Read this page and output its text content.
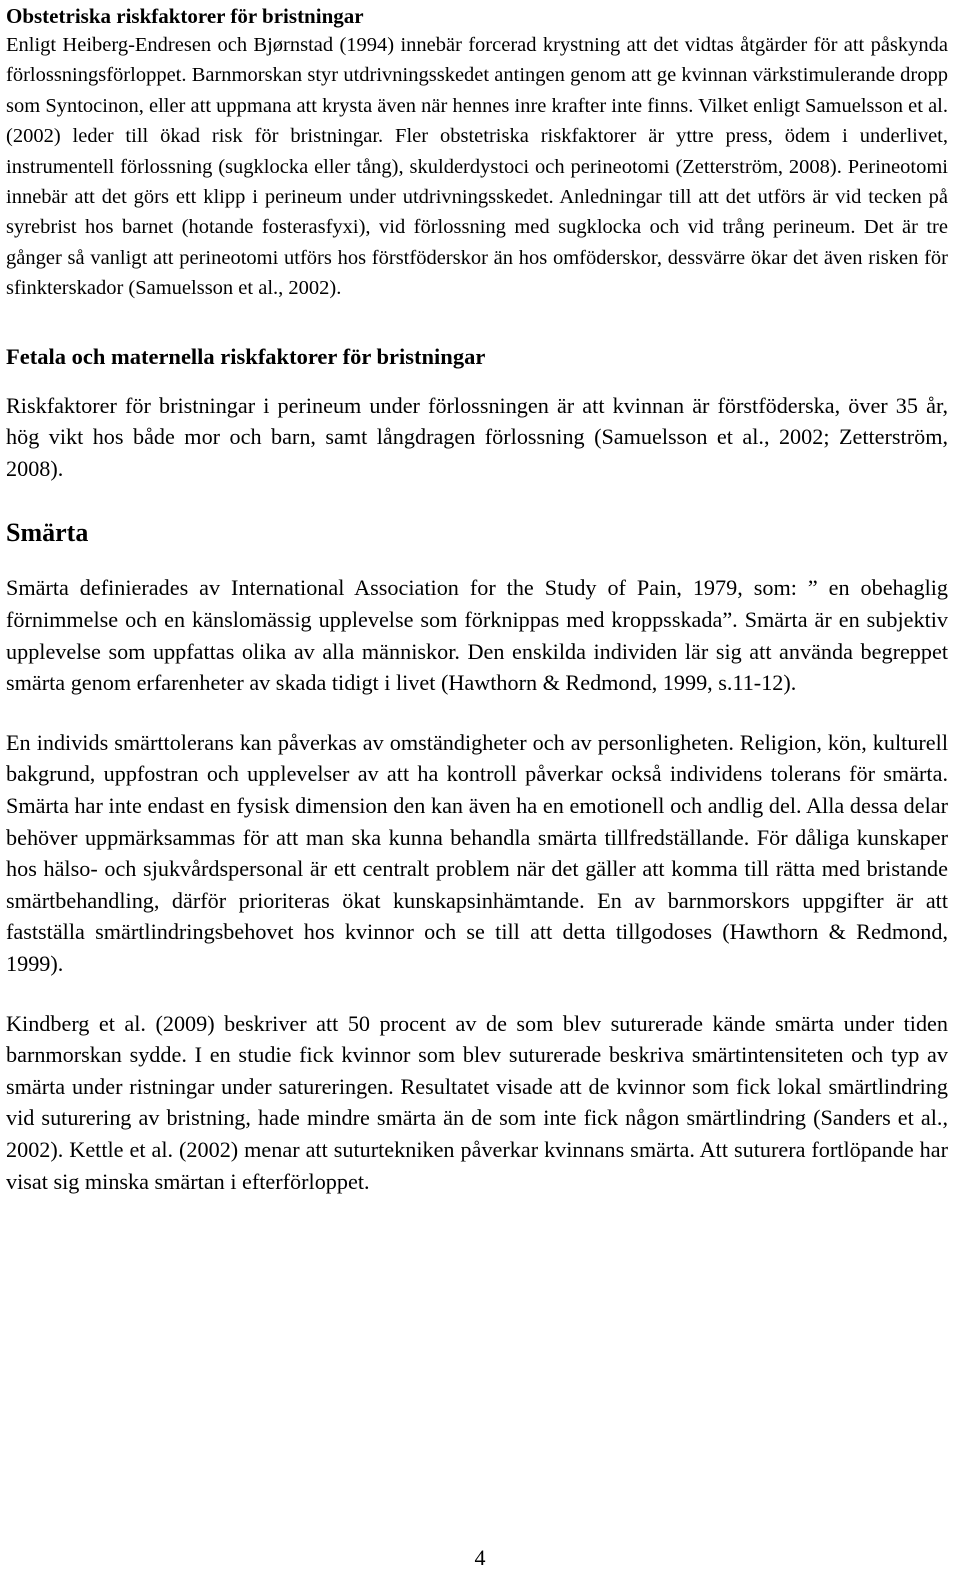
Obstetriska riskfaktorer för bristningar

Enligt Heiberg-Endresen och Bjørnstad (1994) innebär forcerad krystning att det vidtas åtgärder för att påskynda förlossningsförloppet. Barnmorskan styr utdrivningsskedet antingen genom att ge kvinnan värkstimulerande dropp som Syntocinon, eller att uppmana att krysta även när hennes inre krafter inte finns. Vilket enligt Samuelsson et al. (2002) leder till ökad risk för bristningar. Fler obstetriska riskfaktorer är yttre press, ödem i underlivet, instrumentell förlossning (sugklocka eller tång), skulderdystoci och perineotomi (Zetterström, 2008). Perineotomi innebär att det görs ett klipp i perineum under utdrivningsskedet. Anledningar till att det utförs är vid tecken på syrebrist hos barnet (hotande fosterasfyxi), vid förlossning med sugklocka och vid trång perineum. Det är tre gånger så vanligt att perineotomi utförs hos förstföderskor än hos omföderskor, dessvärre ökar det även risken för sfinkterskador (Samuelsson et al., 2002).

Fetala och maternella riskfaktorer för bristningar

Riskfaktorer för bristningar i perineum under förlossningen är att kvinnan är förstföderska, över 35 år, hög vikt hos både mor och barn, samt långdragen förlossning (Samuelsson et al., 2002; Zetterström, 2008).

Smärta

Smärta definierades av International Association for the Study of Pain, 1979, som: ” en obehaglig förnimmelse och en känslomässig upplevelse som förknippas med kroppsskada”. Smärta är en subjektiv upplevelse som uppfattas olika av alla människor. Den enskilda individen lär sig att använda begreppet smärta genom erfarenheter av skada tidigt i livet (Hawthorn & Redmond, 1999, s.11-12).

En individs smärttolerans kan påverkas av omständigheter och av personligheten. Religion, kön, kulturell bakgrund, uppfostran och upplevelser av att ha kontroll påverkar också individens tolerans för smärta. Smärta har inte endast en fysisk dimension den kan även ha en emotionell och andlig del. Alla dessa delar behöver uppmärksammas för att man ska kunna behandla smärta tillfredställande. För dåliga kunskaper hos hälso- och sjukvårdspersonal är ett centralt problem när det gäller att komma till rätta med bristande smärtbehandling, därför prioriteras ökat kunskapsinhämtande. En av barnmorskors uppgifter är att fastställa smärtlindringsbehovet hos kvinnor och se till att detta tillgodoses (Hawthorn & Redmond, 1999).

Kindberg et al. (2009) beskriver att 50 procent av de som blev suturerade kände smärta under tiden barnmorskan sydde. I en studie fick kvinnor som blev suturerade beskriva smärtintensiteten och typ av smärta under ristningar under satureringen. Resultatet visade att de kvinnor som fick lokal smärtlindring vid suturering av bristning, hade mindre smärta än de som inte fick någon smärtlindring (Sanders et al., 2002). Kettle et al. (2002) menar att suturtekniken påverkar kvinnans smärta. Att suturera fortlöpande har visat sig minska smärtan i efterförloppet.

4
